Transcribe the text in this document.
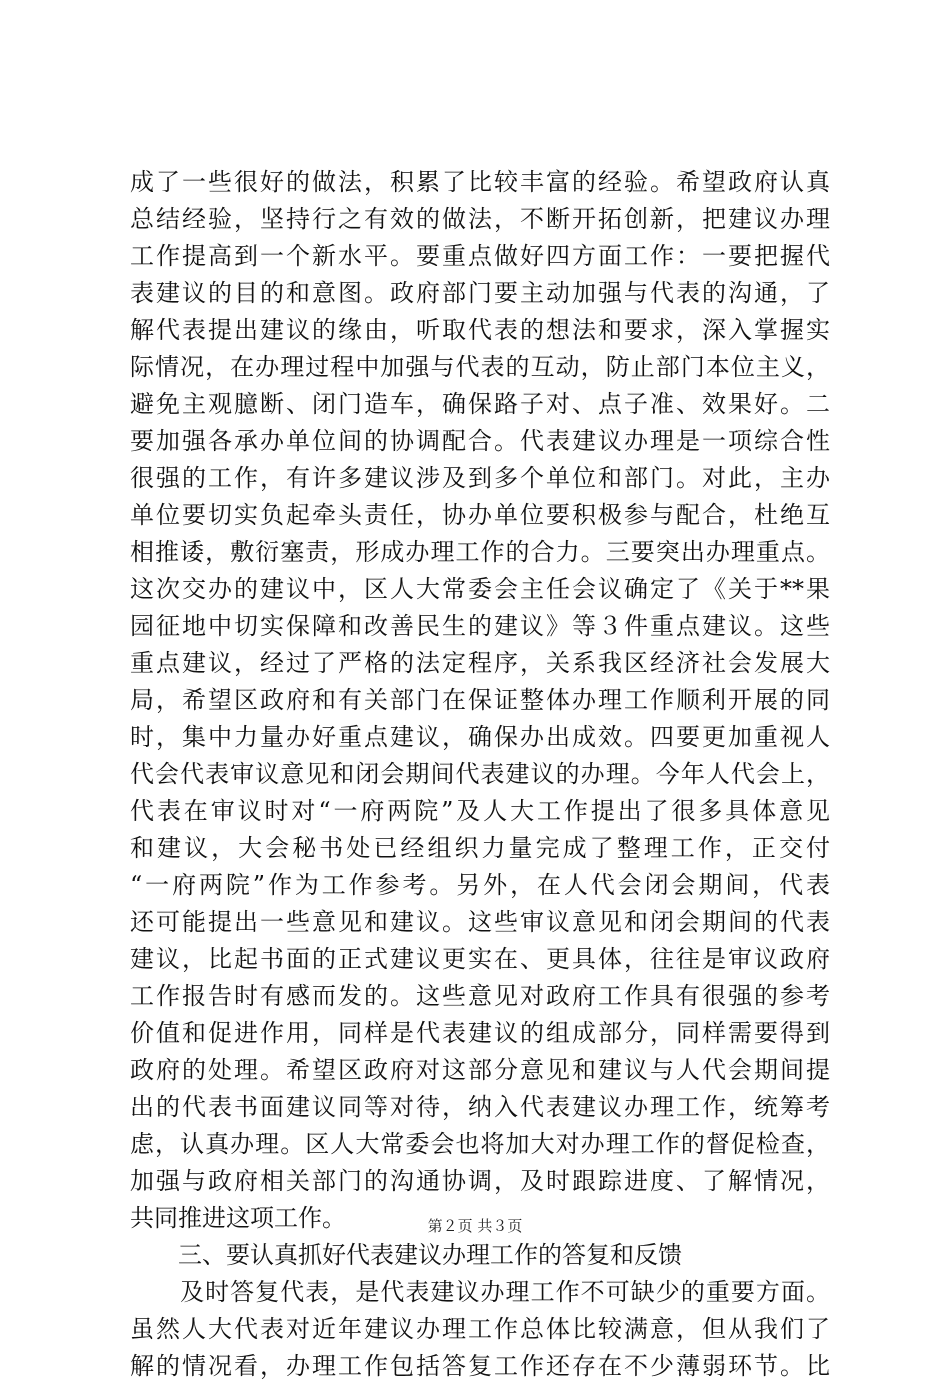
成了一些很好的做法，积累了比较丰富的经验。希望政府认真
总结经验，坚持行之有效的做法，不断开拓创新，把建议办理
工作提高到一个新水平。要重点做好四方面工作：一要把握代
表建议的目的和意图。政府部门要主动加强与代表的沟通，了
解代表提出建议的缘由，听取代表的想法和要求，深入掌握实
际情况，在办理过程中加强与代表的互动，防止部门本位主义，
避免主观臆断、闭门造车，确保路子对、点子准、效果好。二
要加强各承办单位间的协调配合。代表建议办理是一项综合性
很强的工作，有许多建议涉及到多个单位和部门。对此，主办
单位要切实负起牵头责任，协办单位要积极参与配合，杜绝互
相推诿，敷衍塞责，形成办理工作的合力。三要突出办理重点。
这次交办的建议中，区人大常委会主任会议确定了《关于**果
园征地中切实保障和改善民生的建议》等３件重点建议。这些
重点建议，经过了严格的法定程序，关系我区经济社会发展大
局，希望区政府和有关部门在保证整体办理工作顺利开展的同
时，集中力量办好重点建议，确保办出成效。四要更加重视人
代会代表审议意见和闭会期间代表建议的办理。今年人代会上，
代表在审议时对“一府两院”及人大工作提出了很多具体意见
和建议，大会秘书处已经组织力量完成了整理工作，正交付
“一府两院”作为工作参考。另外，在人代会闭会期间，代表
还可能提出一些意见和建议。这些审议意见和闭会期间的代表
建议，比起书面的正式建议更实在、更具体，往往是审议政府
工作报告时有感而发的。这些意见对政府工作具有很强的参考
价值和促进作用，同样是代表建议的组成部分，同样需要得到
政府的处理。希望区政府对这部分意见和建议与人代会期间提
出的代表书面建议同等对待，纳入代表建议办理工作，统筹考
虑，认真办理。区人大常委会也将加大对办理工作的督促检查，
加强与政府相关部门的沟通协调，及时跟踪进度、了解情况，
共同推进这项工作。
　　三、要认真抓好代表建议办理工作的答复和反馈
　　及时答复代表，是代表建议办理工作不可缺少的重要方面。
虽然人大代表对近年建议办理工作总体比较满意，但从我们了
解的情况看，办理工作包括答复工作还存在不少薄弱环节。比
第２页 共３页
